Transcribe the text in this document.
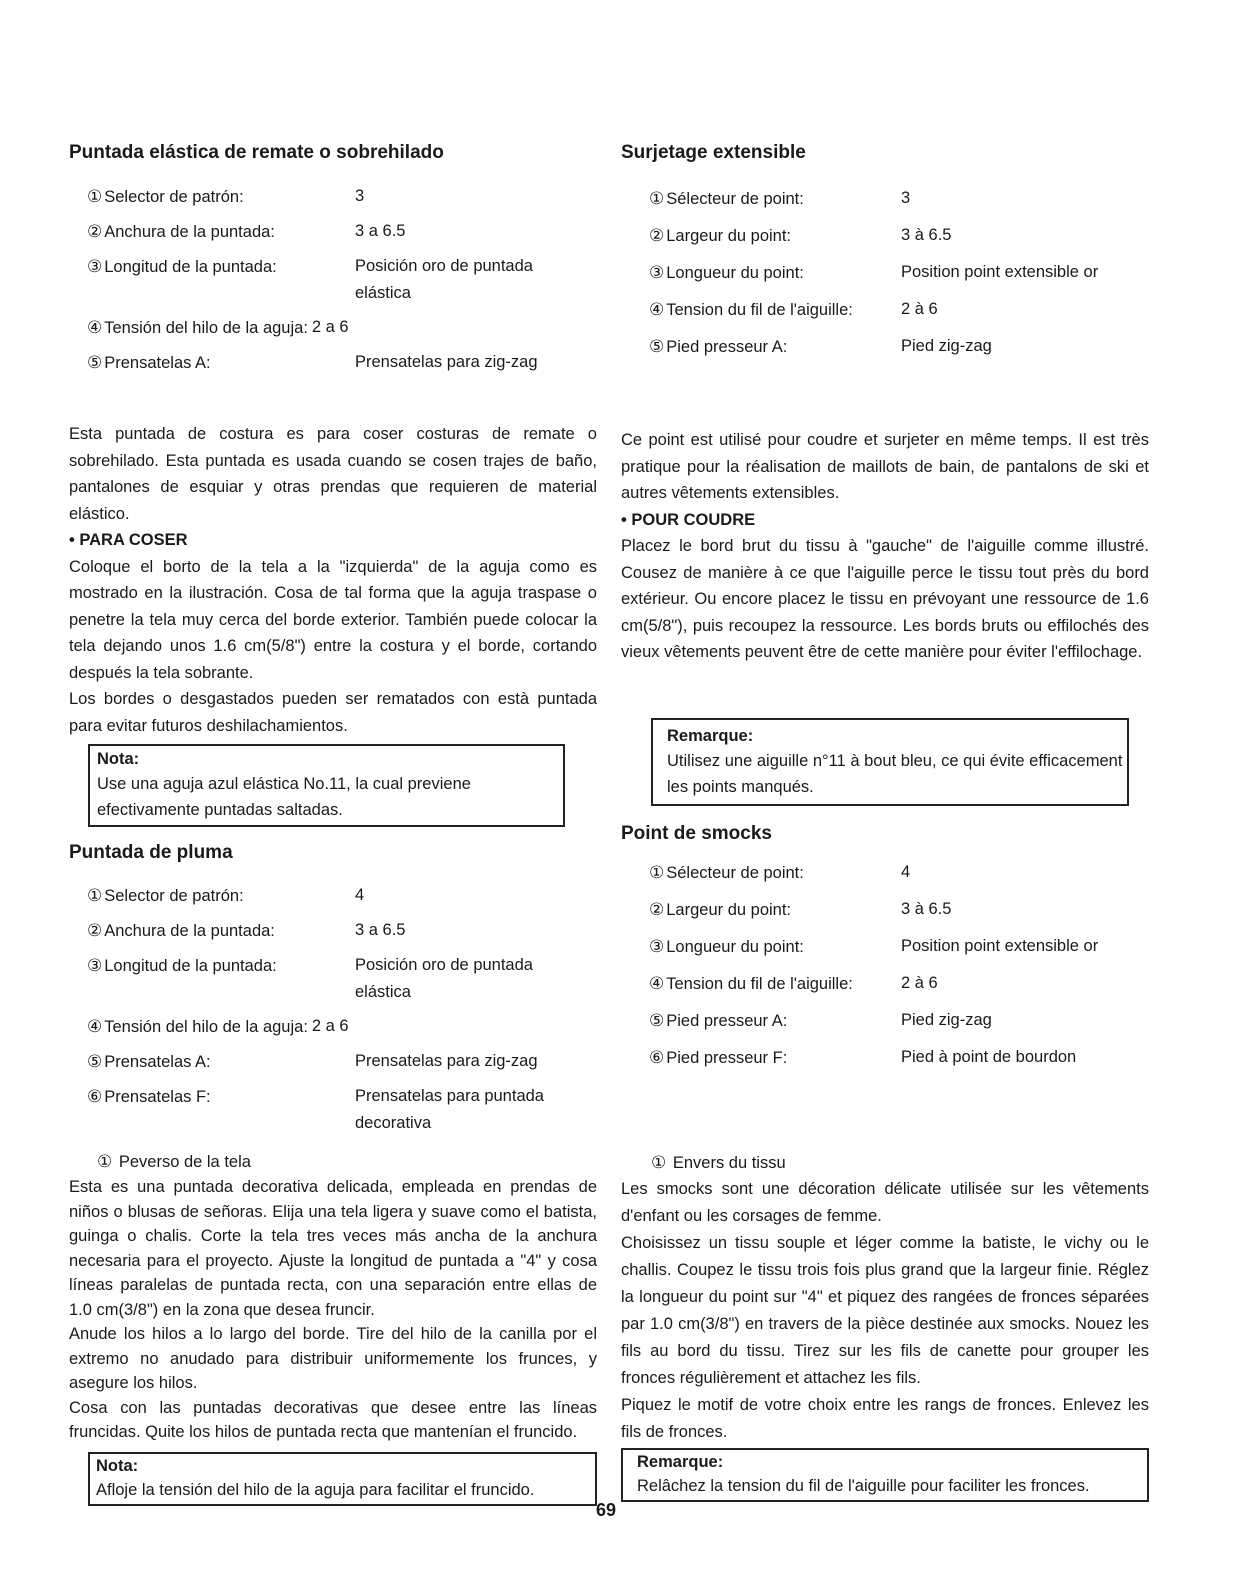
Puntada elástica de remate o sobrehilado
① Selector de patrón:	3
② Anchura de la puntada:	3 a 6.5
③ Longitud de la puntada:	Posición oro de puntada
elástica
④ Tensión del hilo de la aguja: 2 a 6
⑤ Prensatelas A:	Prensatelas para zig-zag

Esta puntada de costura es para coser costuras de remate o sobrehilado. Esta puntada es usada cuando se cosen trajes de baño, pantalones de esquiar y otras prendas que requieren de material elástico.

• PARA COSER

Coloque el borto de la tela a la "izquierda" de la aguja como es mostrado en la ilustración. Cosa de tal forma que la aguja traspase o penetre la tela muy cerca del borde exterior. También puede colocar la tela dejando unos 1.6 cm(5/8") entre la costura y el borde, cortando después la tela sobrante.

Los bordes o desgastados pueden ser rematados con està puntada para evitar futuros deshilachamientos.

Nota:

Use una aguja azul elástica No.11, la cual previene efectivamente puntadas saltadas.

Puntada de pluma
① Selector de patrón:	4
② Anchura de la puntada:	3 a 6.5
③ Longitud de la puntada:	Posición oro de puntada
elástica
④ Tensión del hilo de la aguja: 2 a 6
⑤ Prensatelas A:	Prensatelas para zig-zag
⑥ Prensatelas F:	Prensatelas para puntada
decorativa

① Peverso de la tela

Esta es una puntada decorativa delicada, empleada en prendas de niños o blusas de señoras. Elija una tela ligera y suave como el batista, guinga o chalis. Corte la tela tres veces más ancha de la anchura necesaria para el proyecto. Ajuste la longitud de puntada a "4" y cosa líneas paralelas de puntada recta, con una separación entre ellas de 1.0 cm(3/8") en la zona que desea fruncir.

Anude los hilos a lo largo del borde. Tire del hilo de la canilla por el extremo no anudado para distribuir uniformemente los frunces, y asegure los hilos.

Cosa con las puntadas decorativas que desee entre las líneas fruncidas. Quite los hilos de puntada recta que mantenían el fruncido.

Nota:

Afloje la tensión del hilo de la aguja para facilitar el fruncido.

Surjetage extensible
① Sélecteur de point:	3
② Largeur du point:	3 à 6.5
③ Longueur du point:	Position point extensible or
④ Tension du fil de l'aiguille:	2 à 6
⑤ Pied presseur A:	Pied zig-zag

Ce point est utilisé pour coudre et surjeter en même temps. Il est très pratique pour la réalisation de maillots de bain, de pantalons de ski et autres vêtements extensibles.

• POUR COUDRE

Placez le bord brut du tissu à "gauche" de l'aiguille comme illustré. Cousez de manière à ce que l'aiguille perce le tissu tout près du bord extérieur. Ou encore placez le tissu en prévoyant une ressource de 1.6 cm(5/8"), puis recoupez la ressource. Les bords bruts ou effilochés des vieux vêtements peuvent être de cette manière pour éviter l'effilochage.

Remarque:

Utilisez une aiguille n°11 à bout bleu, ce qui évite efficacement les points manqués.

Point de smocks
① Sélecteur de point:	4
② Largeur du point:	3 à 6.5
③ Longueur du point:	Position point extensible or
④ Tension du fil de l'aiguille:	2 à 6
⑤ Pied presseur A:	Pied zig-zag
⑥ Pied presseur F:	Pied à point de bourdon

① Envers du tissu

Les smocks sont une décoration délicate utilisée sur les vêtements d'enfant ou les corsages de femme.

Choisissez un tissu souple et léger comme la batiste, le vichy ou le challis. Coupez le tissu trois fois plus grand que la largeur finie. Réglez la longueur du point sur "4" et piquez des rangées de fronces séparées par 1.0 cm(3/8") en travers de la pièce destinée aux smocks. Nouez les fils au bord du tissu. Tirez sur les fils de canette pour grouper les fronces régulièrement et attachez les fils.

Piquez le motif de votre choix entre les rangs de fronces. Enlevez les fils de fronces.

Remarque:

Relâchez la tension du fil de l'aiguille pour faciliter les fronces.

69
